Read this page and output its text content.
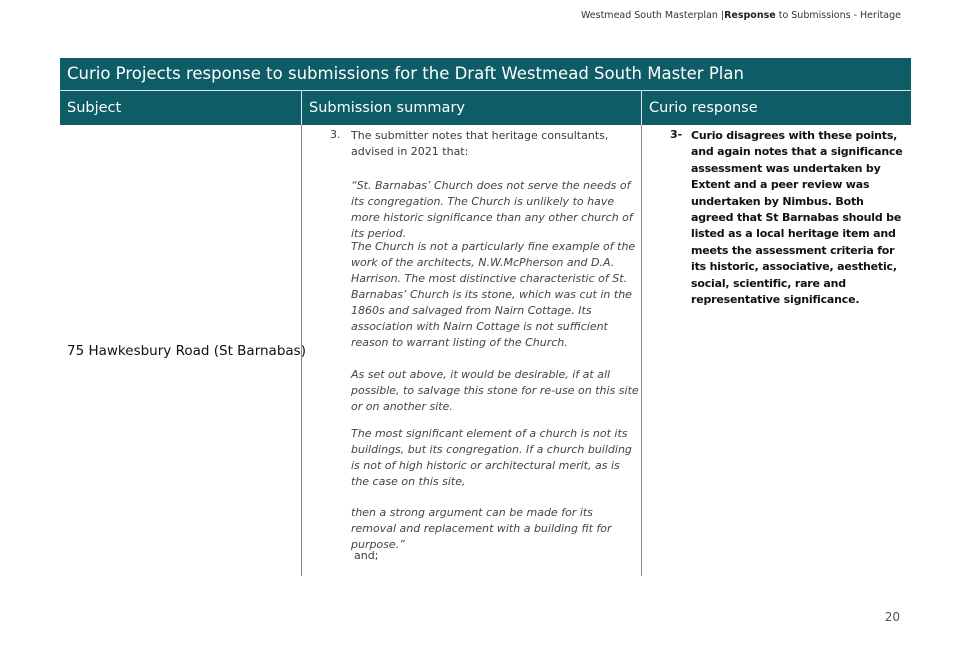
Westmead South Masterplan |Response to Submissions - Heritage
Curio Projects response to submissions for the Draft Westmead South Master Plan
Subject	Submission summary	Curio response
75 Hawkesbury Road (St Barnabas)
3. The submitter notes that heritage consultants, advised in 2021 that:
“St. Barnabas’ Church does not serve the needs of its congregation. The Church is unlikely to have more historic significance than any other church of its period.
The Church is not a particularly fine example of the work of the architects, N.W.McPherson and D.A. Harrison. The most distinctive characteristic of St. Barnabas’ Church is its stone, which was cut in the 1860s and salvaged from Nairn Cottage. Its association with Nairn Cottage is not sufficient reason to warrant listing of the Church.
As set out above, it would be desirable, if at all possible, to salvage this stone for re-use on this site or on another site.
The most significant element of a church is not its buildings, but its congregation. If a church building is not of high historic or architectural merit, as is the case on this site,
then a strong argument can be made for its removal and replacement with a building fit for purpose.”
and;
3- Curio disagrees with these points, and again notes that a significance assessment was undertaken by Extent and a peer review was undertaken by Nimbus. Both agreed that St Barnabas should be listed as a local heritage item and meets the assessment criteria for its historic, associative, aesthetic, social, scientific, rare and representative significance.
20
